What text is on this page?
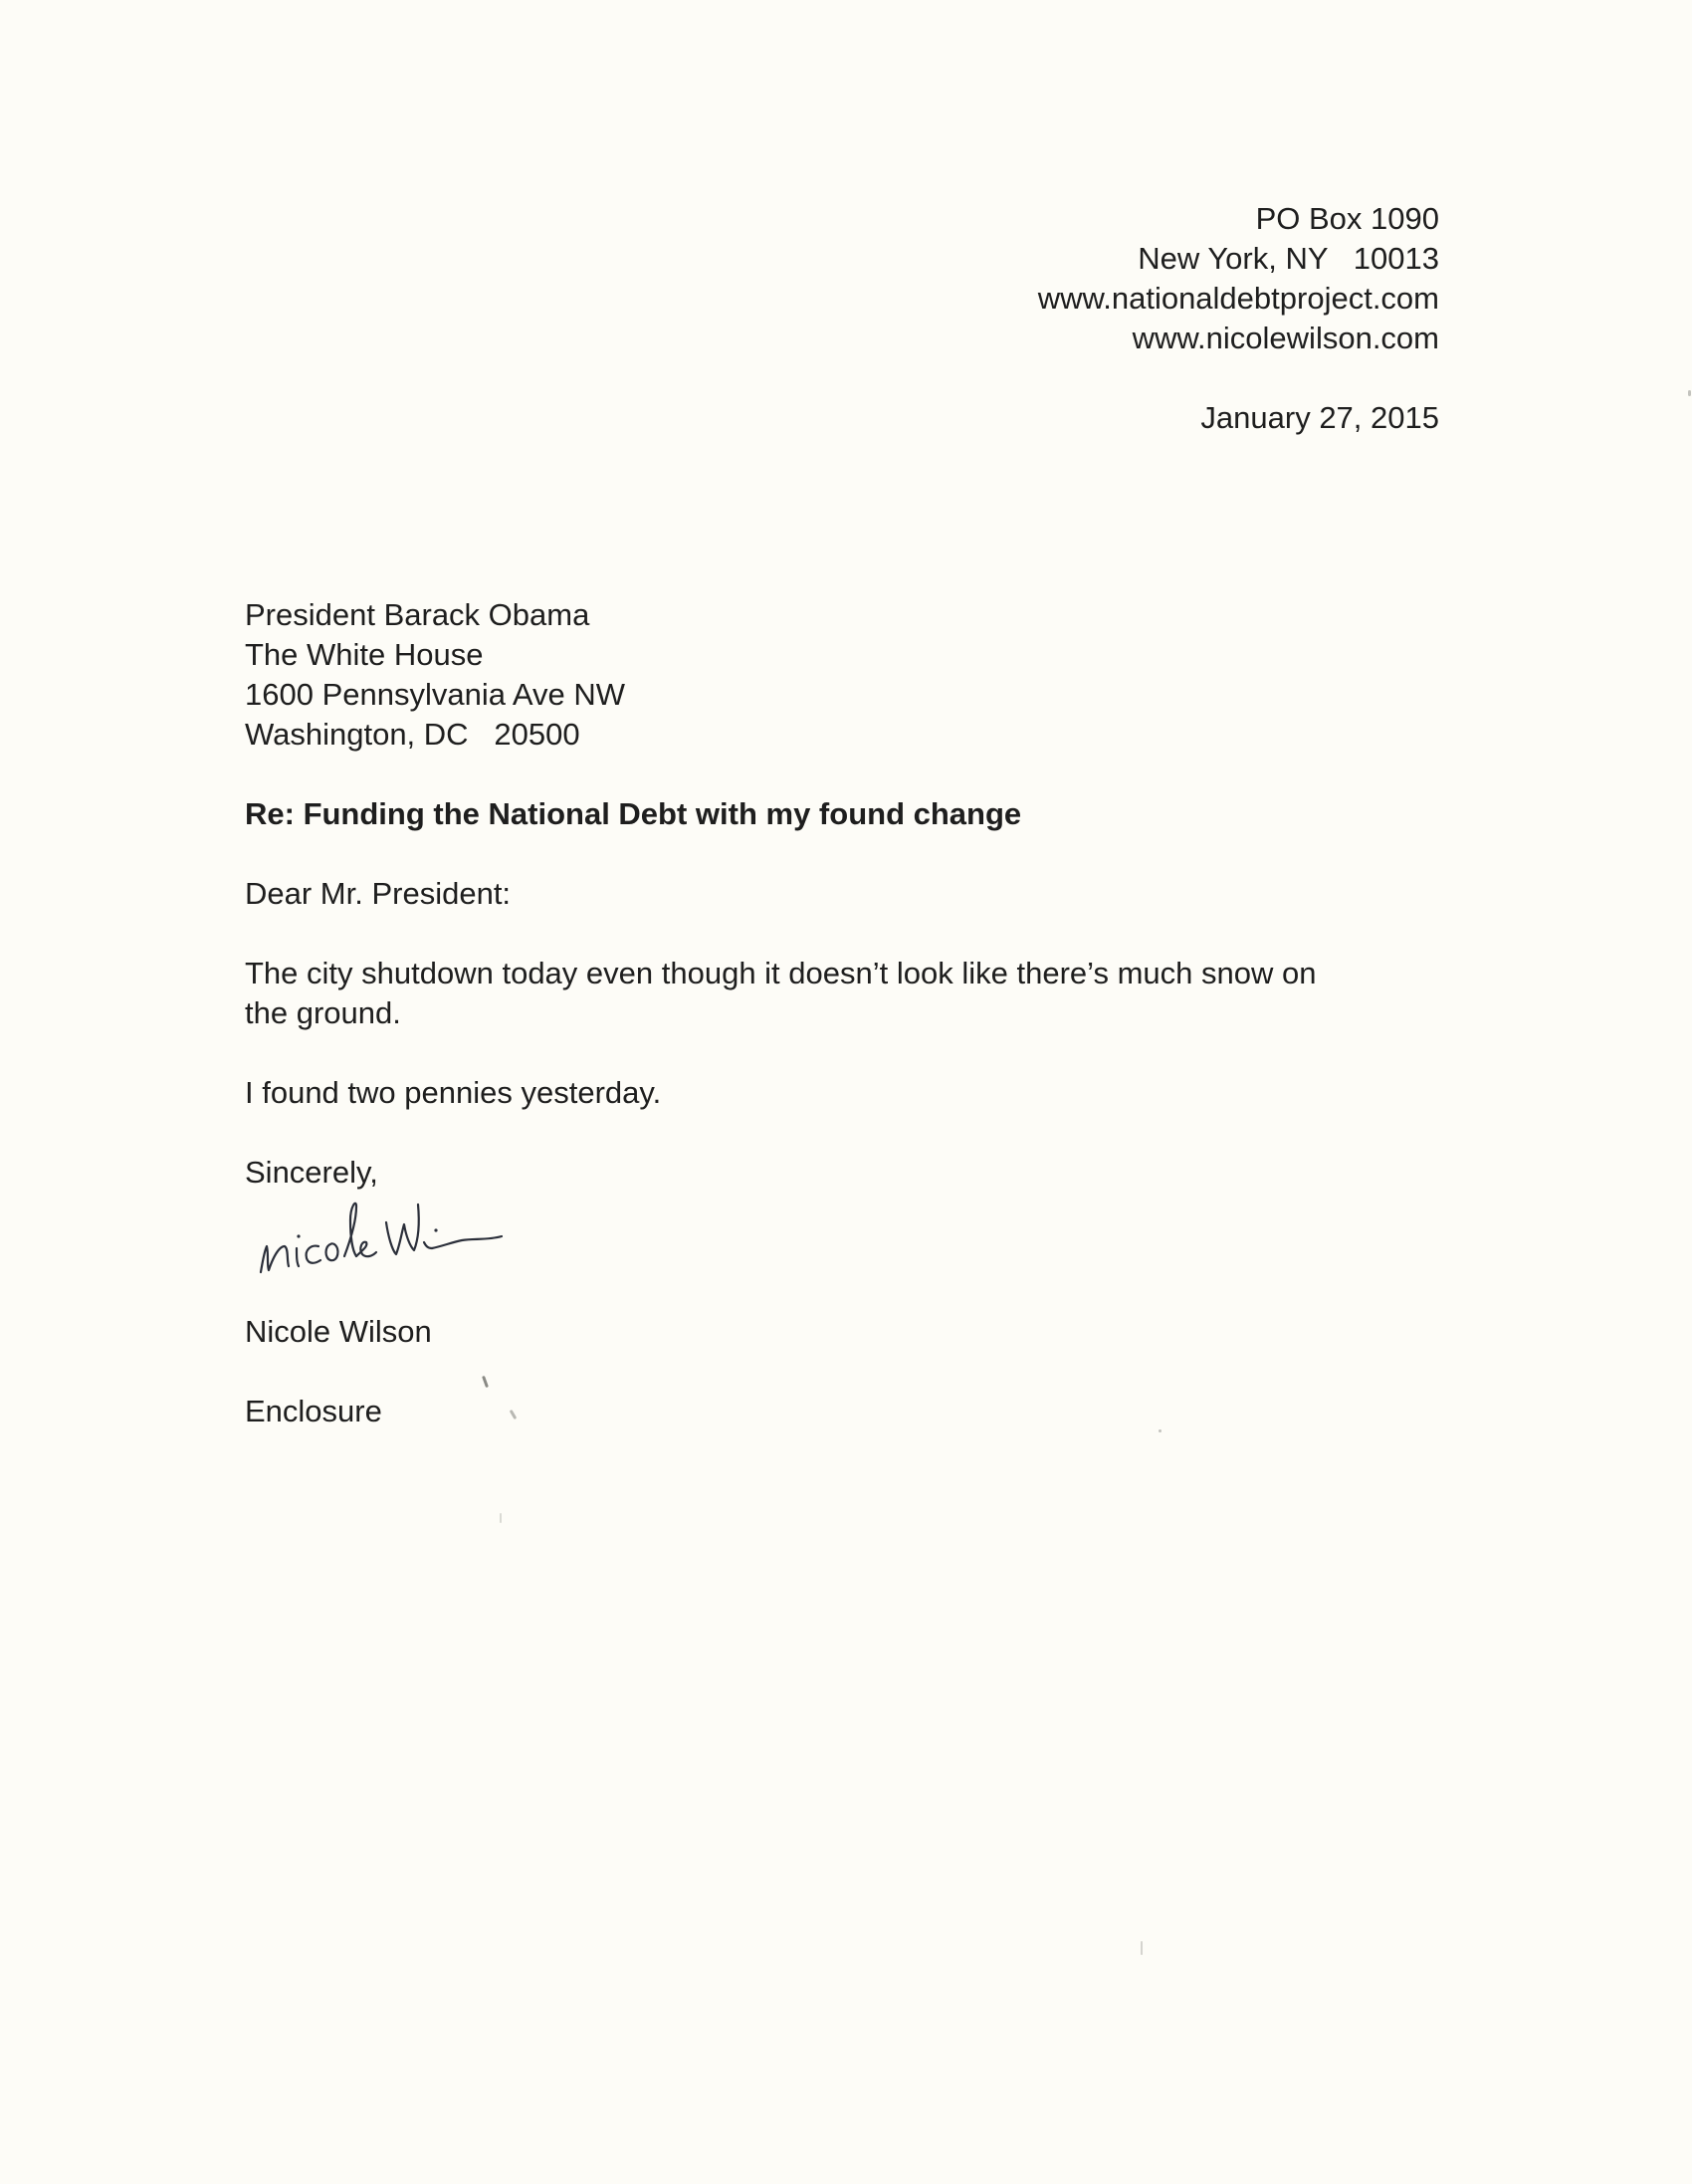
PO Box 1090
New York, NY   10013
www.nationaldebtproject.com
www.nicolewilson.com
January 27, 2015
President Barack Obama
The White House
1600 Pennsylvania Ave NW
Washington, DC   20500
Re: Funding the National Debt with my found change
Dear Mr. President:
The city shutdown today even though it doesn’t look like there’s much snow on
the ground.
I found two pennies yesterday.
Sincerely,
Nicole Wilson
Enclosure
